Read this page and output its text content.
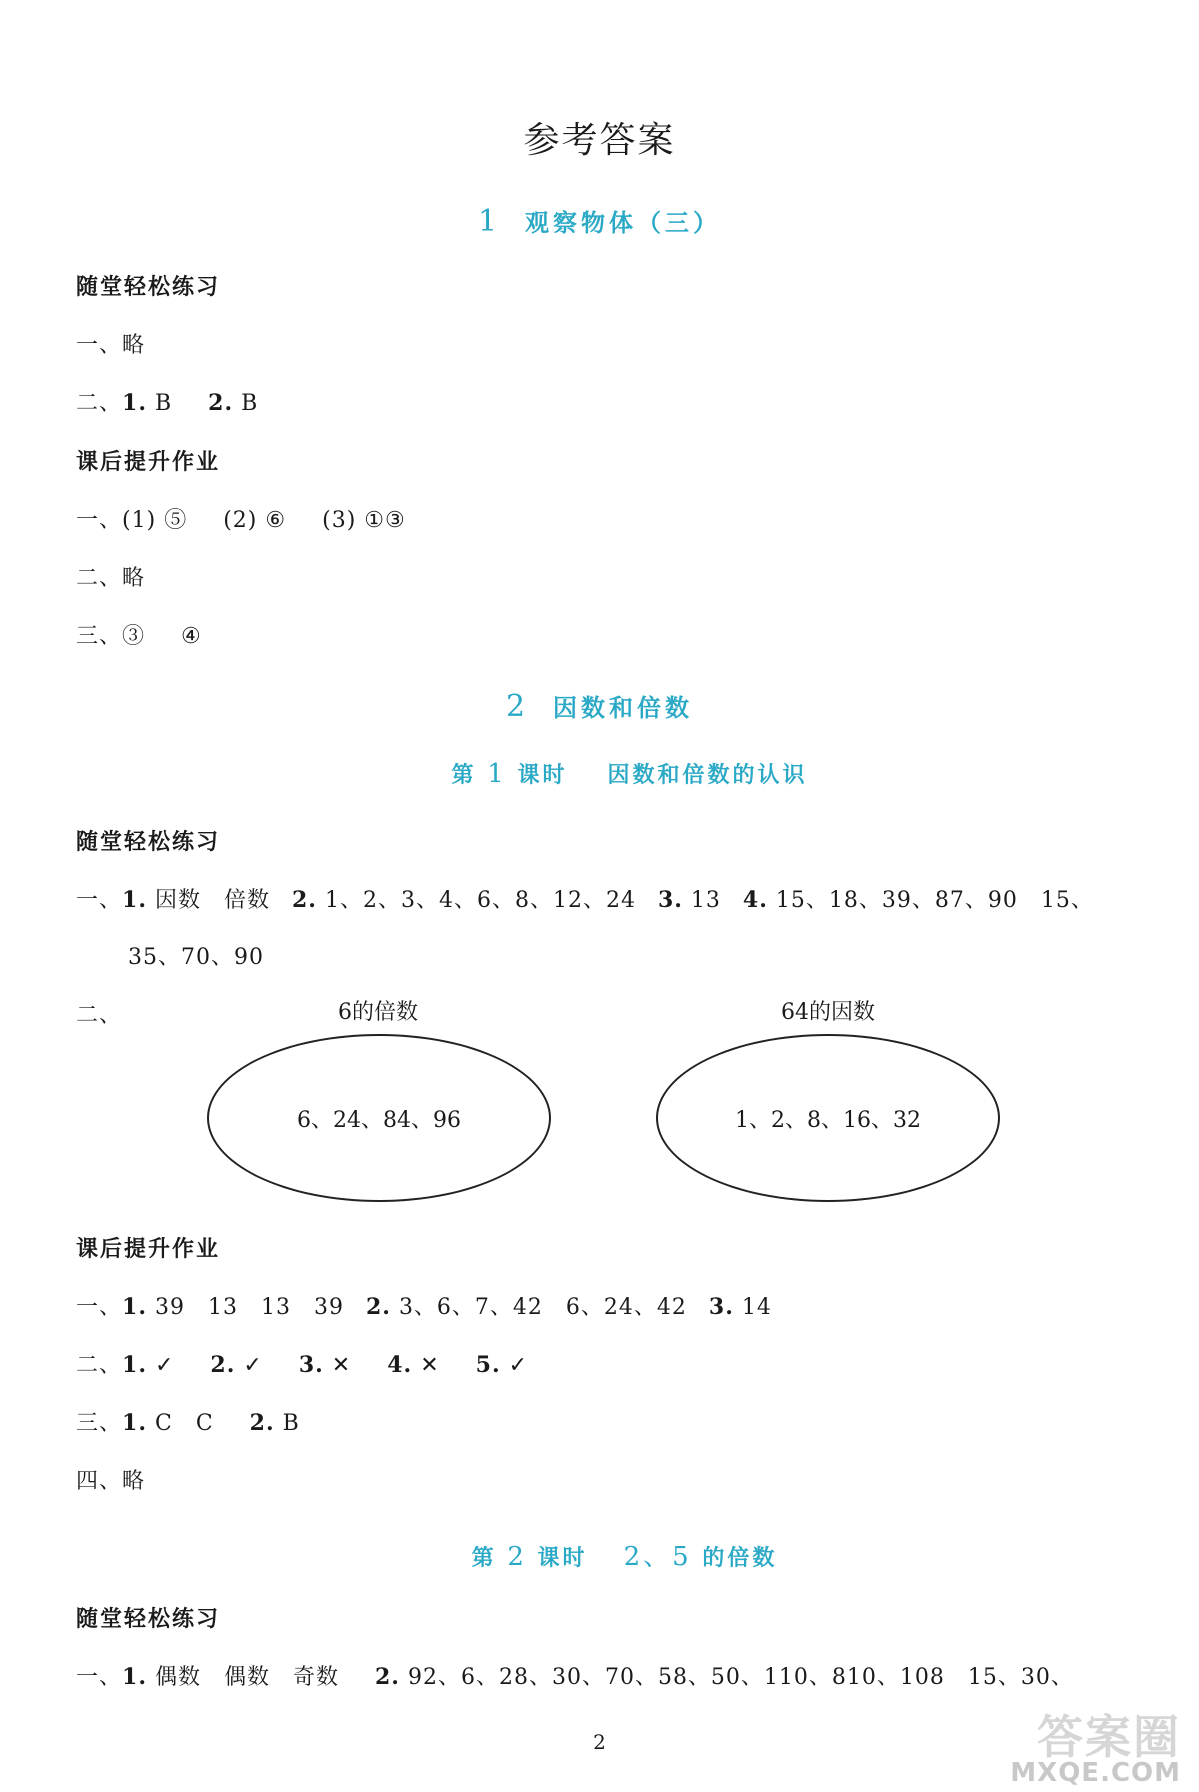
参考答案
1 观察物体（三）
随堂轻松练习
一、略
二、1. B 2. B
课后提升作业
一、(1) ⑤ (2) ⑥ (3) ①③
二、略
三、③ ④
2 因数和倍数
第 1 课时 因数和倍数的认识
随堂轻松练习
一、1. 因数　倍数 2. 1、2、3、4、6、8、12、24 3. 13 4. 15、18、39、87、90　15、
35、70、90
二、	6的倍数
6、24、84、96
64的因数
1、2、8、16、32
课后提升作业
一、1. 39　13　13　39 2. 3、6、7、42　6、24、42 3. 14
二、1. ✓ 2. ✓ 3. ✕ 4. ✕ 5. ✓
三、1. C　C 2. B
四、略
第 2 课时 2、5 的倍数
随堂轻松练习
一、1. 偶数　偶数　奇数 2. 92、6、28、30、70、58、50、110、810、108　15、30、
2	答案圈
MXQE.COM
